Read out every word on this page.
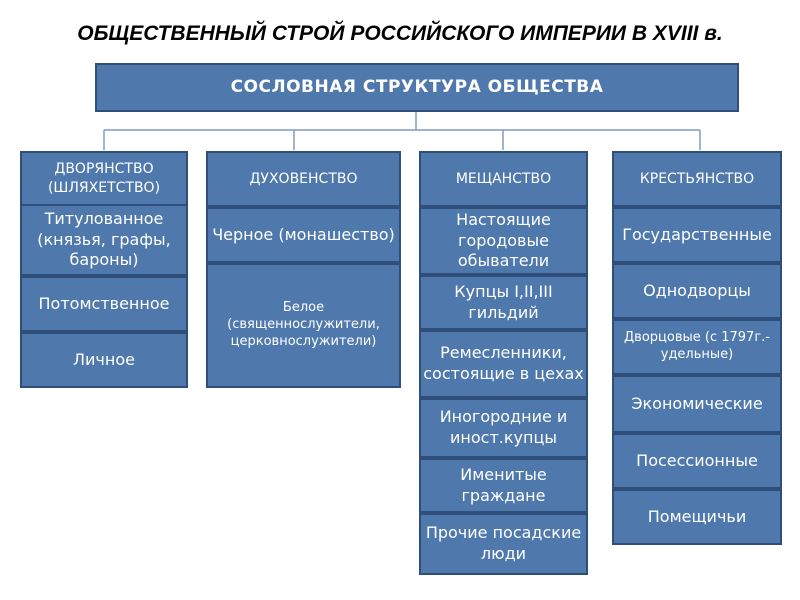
ОБЩЕСТВЕННЫЙ СТРОЙ РОССИЙСКОГО ИМПЕРИИ В XVIII в.
СОСЛОВНАЯ СТРУКТУРА ОБЩЕСТВА
ДВОРЯНСТВО (ШЛЯХЕТСТВО)
Титулованное (князья, графы, бароны)
Потомственное
Личное
ДУХОВЕНСТВО
Черное (монашество)
Белое (священнослужители, церковнослужители)
МЕЩАНСТВО
Настоящие городовые обыватели
Купцы I,II,III гильдий
Ремесленники, состоящие в цехах
Иногородние и иност.купцы
Именитые граждане
Прочие посадские люди
КРЕСТЬЯНСТВО
Государственные
Однодворцы
Дворцовые (с 1797г.-удельные)
Экономические
Посессионные
Помещичьи
